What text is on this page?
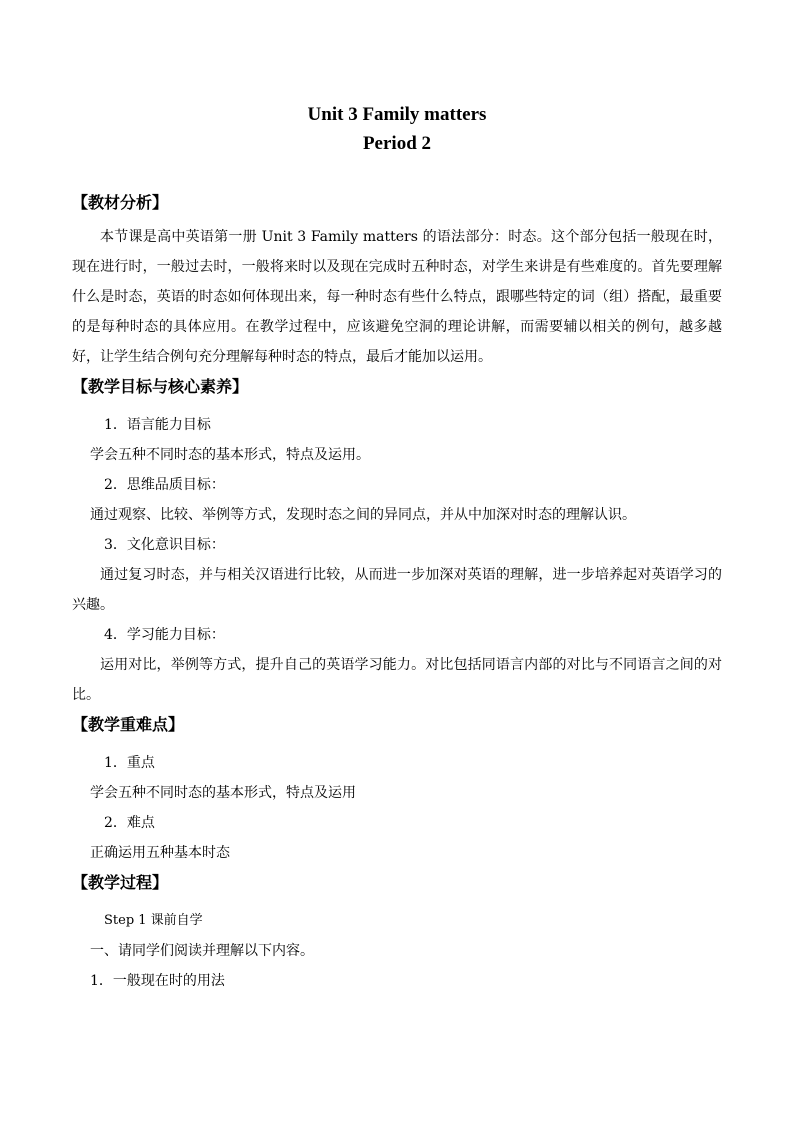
Unit 3 Family matters
Period 2

【教材分析】

本节课是高中英语第一册 Unit 3 Family matters 的语法部分：时态。这个部分包括一般现在时，现在进行时，一般过去时，一般将来时以及现在完成时五种时态，对学生来讲是有些难度的。首先要理解什么是时态，英语的时态如何体现出来，每一种时态有些什么特点，跟哪些特定的词（组）搭配，最重要的是每种时态的具体应用。在教学过程中，应该避免空洞的理论讲解，而需要辅以相关的例句，越多越好，让学生结合例句充分理解每种时态的特点，最后才能加以运用。

【教学目标与核心素养】

1．语言能力目标

学会五种不同时态的基本形式，特点及运用。

2．思维品质目标：

通过观察、比较、举例等方式，发现时态之间的异同点，并从中加深对时态的理解认识。

3．文化意识目标：

通过复习时态，并与相关汉语进行比较，从而进一步加深对英语的理解，进一步培养起对英语学习的兴趣。

4．学习能力目标：

运用对比，举例等方式，提升自己的英语学习能力。对比包括同语言内部的对比与不同语言之间的对比。

【教学重难点】

1．重点

学会五种不同时态的基本形式，特点及运用

2．难点

正确运用五种基本时态

【教学过程】

Step 1 课前自学

一、请同学们阅读并理解以下内容。

1．一般现在时的用法
